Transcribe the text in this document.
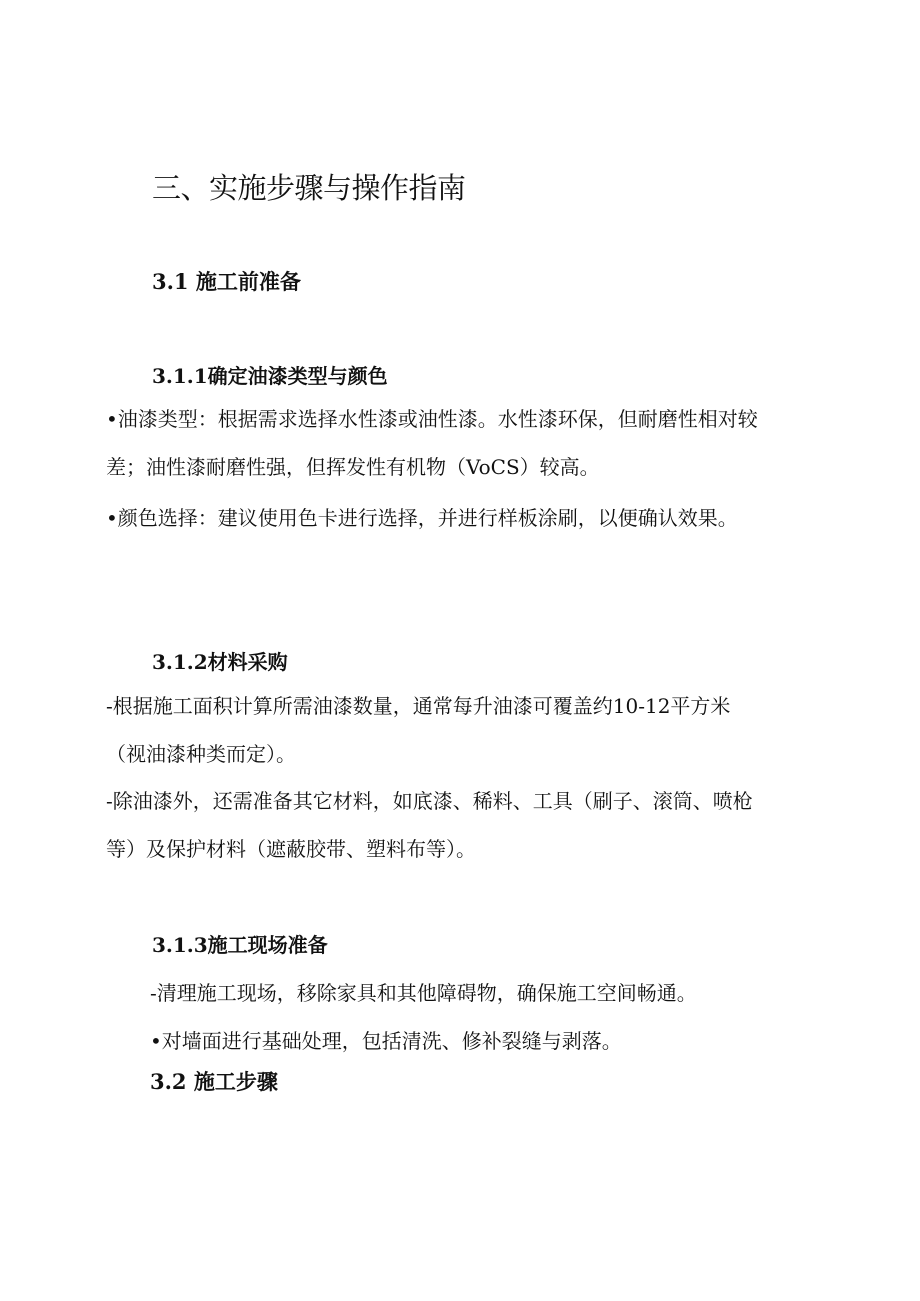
三、实施步骤与操作指南
3.1 施工前准备
3.1.1确定油漆类型与颜色

•油漆类型：根据需求选择水性漆或油性漆。水性漆环保，但耐磨性相对较差；油性漆耐磨性强，但挥发性有机物（VoCS）较高。

•颜色选择：建议使用色卡进行选择，并进行样板涂刷，以便确认效果。

3.1.2材料采购

-根据施工面积计算所需油漆数量，通常每升油漆可覆盖约10-12平方米（视油漆种类而定）。

-除油漆外，还需准备其它材料，如底漆、稀料、工具（刷子、滚筒、喷枪等）及保护材料（遮蔽胶带、塑料布等）。

3.1.3施工现场准备

-清理施工现场，移除家具和其他障碍物，确保施工空间畅通。

•对墙面进行基础处理，包括清洗、修补裂缝与剥落。

3.2 施工步骤
